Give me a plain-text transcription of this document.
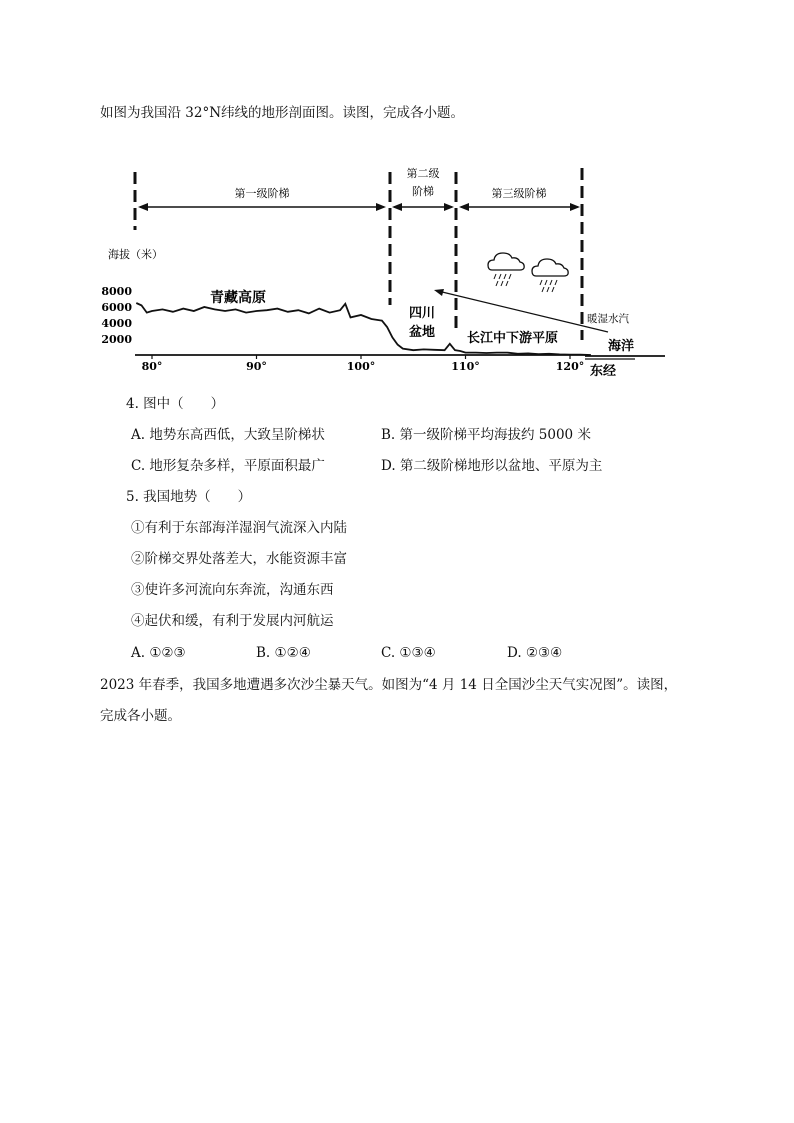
如图为我国沿 32°N纬线的地形剖面图。读图，完成各小题。
第一级阶梯
第二级
阶梯	第三级阶梯
海拔（米）
8000
6000
4000
2000
80°	90°	100°	110°	120°
青藏高原
四川
盆地 长江中下游平原
暖湿水汽
海洋
东经
4. 图中（　　）
A. 地势东高西低，大致呈阶梯状	B. 第一级阶梯平均海拔约 5000 米
C. 地形复杂多样，平原面积最广	D. 第二级阶梯地形以盆地、平原为主
5. 我国地势（　　）
①有利于东部海洋湿润气流深入内陆
②阶梯交界处落差大，水能资源丰富
③使许多河流向东奔流，沟通东西
④起伏和缓，有利于发展内河航运
A. ①②③	B. ①②④	C. ①③④	D. ②③④
2023 年春季，我国多地遭遇多次沙尘暴天气。如图为“4 月 14 日全国沙尘天气实况图”。读图，
完成各小题。
